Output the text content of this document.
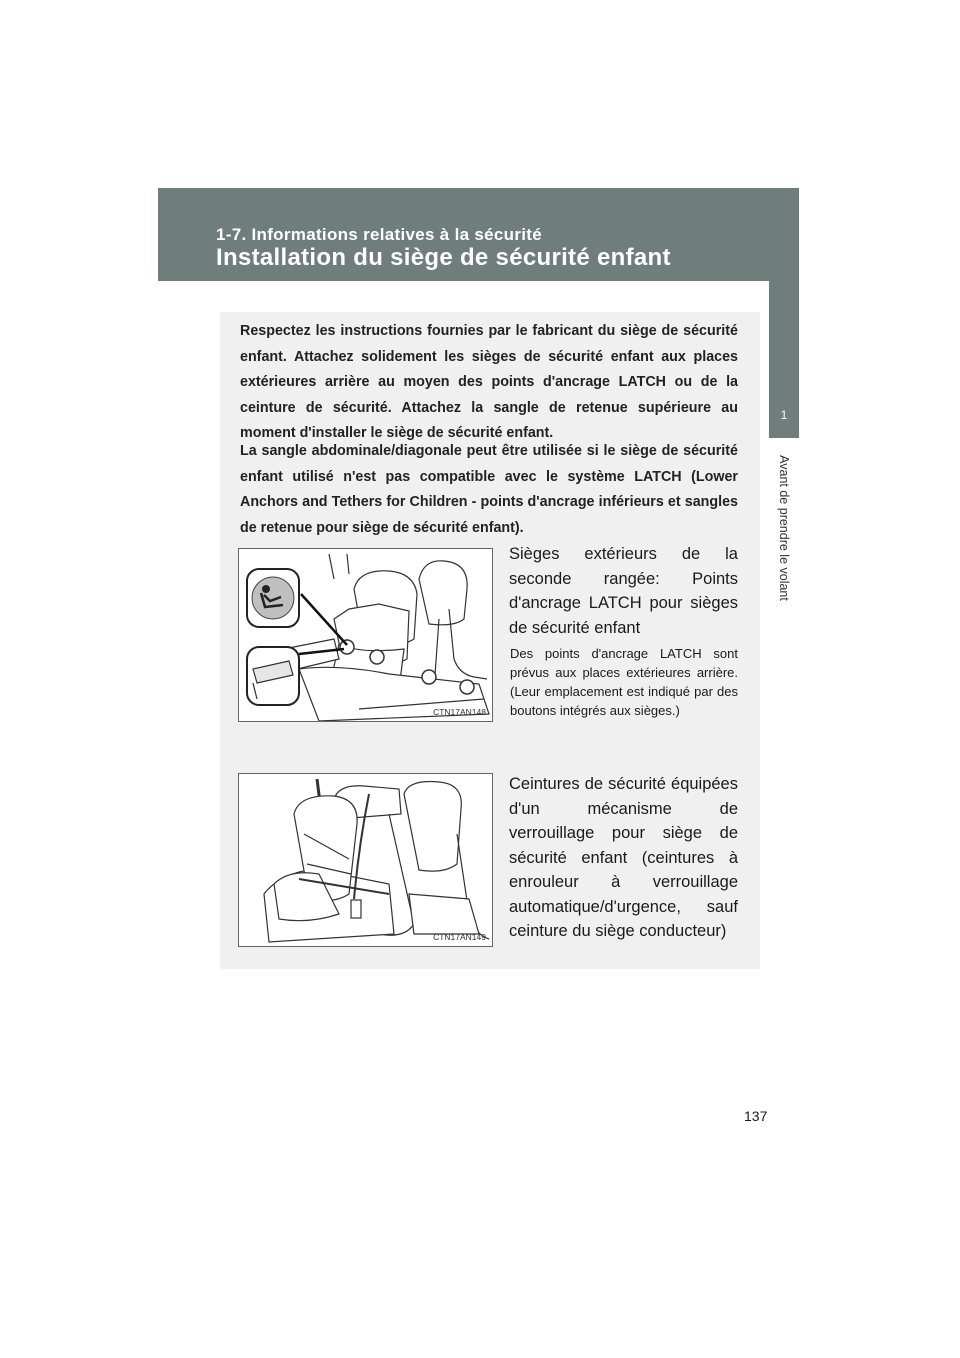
1-7. Informations relatives à la sécurité
Installation du siège de sécurité enfant
1
Avant de prendre le volant

Respectez les instructions fournies par le fabricant du siège de sécurité enfant. Attachez solidement les sièges de sécurité enfant aux places extérieures arrière au moyen des points d'ancrage LATCH ou de la ceinture de sécurité. Attachez la sangle de retenue supérieure au moment d'installer le siège de sécurité enfant.

La sangle abdominale/diagonale peut être utilisée si le siège de sécurité enfant utilisé n'est pas compatible avec le système LATCH (Lower Anchors and Tethers for Children - points d'ancrage inférieurs et sangles de retenue pour siège de sécurité enfant).

CTN17AN148

Sièges extérieurs de la seconde rangée: Points d'ancrage LATCH pour sièges de sécurité enfant

Des points d'ancrage LATCH sont prévus aux places extérieures arrière. (Leur emplacement est indiqué par des boutons intégrés aux sièges.)

CTN17AN149

Ceintures de sécurité équipées d'un mécanisme de verrouillage pour siège de sécurité enfant (ceintures à enrouleur à verrouillage automatique/d'urgence, sauf ceinture du siège conducteur)

137
